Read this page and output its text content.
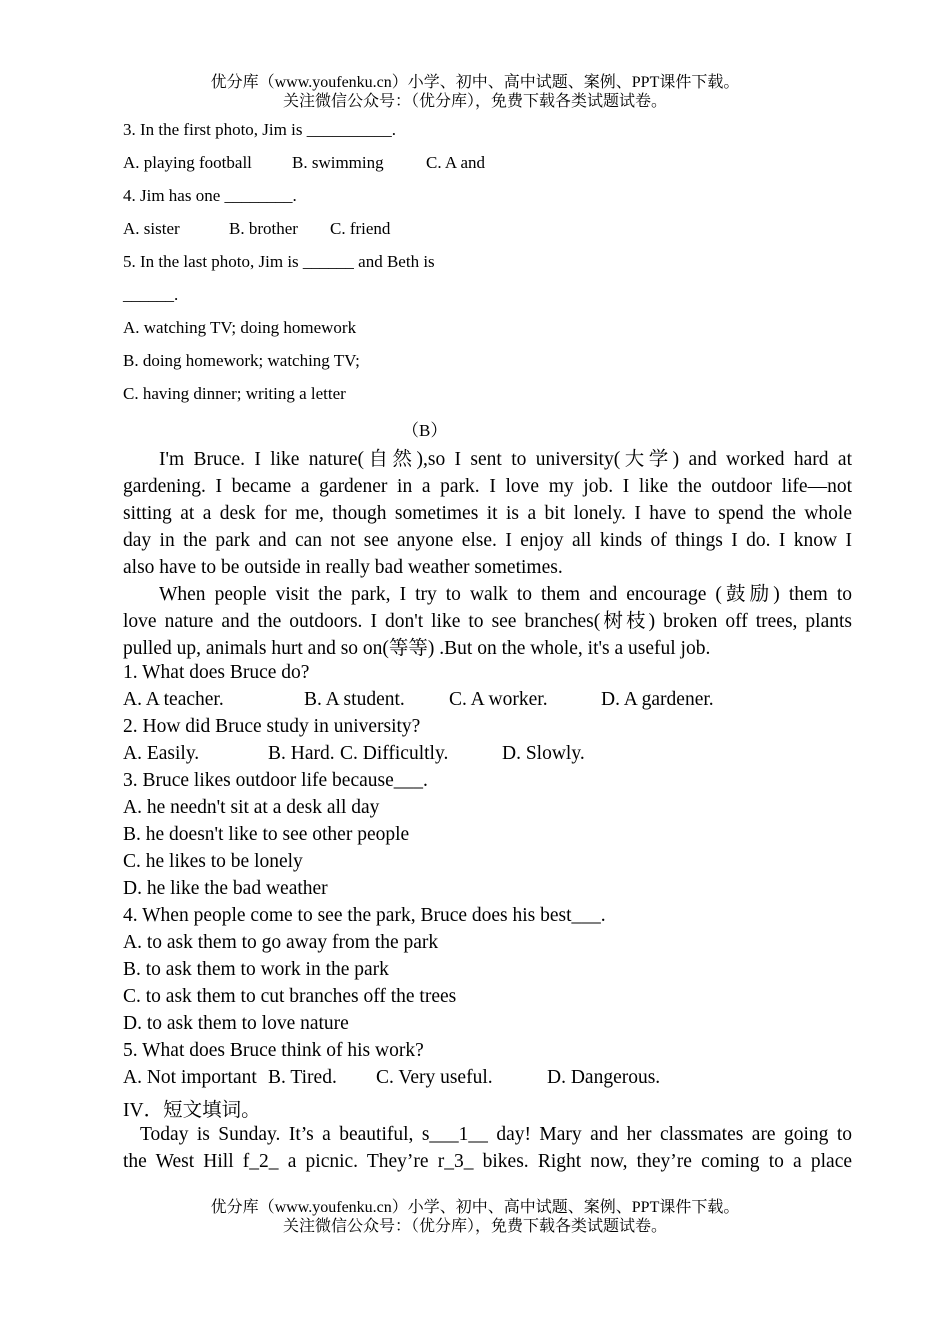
优分库（www.youfenku.cn）小学、初中、高中试题、案例、PPT课件下载。
关注微信公众号：（优分库），免费下载各类试题试卷。
3. In the first photo, Jim is __________.
A. playing football B. swimming C. A and
4. Jim has one ________.
A. sister	B. brother C. friend
5. In the last photo, Jim is ______ and Beth is
______.
A. watching TV; doing homework
B. doing homework; watching TV;
C. having dinner; writing a letter
（B）
I'm Bruce. I like nature(自然),so I sent to university(大学) and worked hard at
gardening. I became a gardener in a park. I love my job. I like the outdoor life—not
sitting at a desk for me, though sometimes it is a bit lonely. I have to spend the whole
day in the park and can not see anyone else. I enjoy all kinds of things I do. I know I
also have to be outside in really bad weather sometimes.
When people visit the park, I try to walk to them and encourage (鼓励) them to
love nature and the outdoors. I don't like to see branches(树枝) broken off trees, plants
pulled up, animals hurt and so on(等等) .But on the whole, it's a useful job.
1. What does Bruce do?
A. A teacher.	B. A student. C. A worker.	D. A gardener.
2. How did Bruce study in university?
A. Easily.	B. Hard. C. Difficultly.	D. Slowly.
3. Bruce likes outdoor life because___.
A. he needn't sit at a desk all day
B. he doesn't like to see other people
C. he likes to be lonely
D. he like the bad weather
4. When people come to see the park, Bruce does his best___.
A. to ask them to go away from the park
B. to ask them to work in the park
C. to ask them to cut branches off the trees
D. to ask them to love nature
5. What does Bruce think of his work?
A. Not important B. Tired. C. Very useful.	D. Dangerous.
IV．短文填词。
Today is Sunday. It’s a beautiful, s___1__ day! Mary and her classmates are going to
the West Hill f_2_ a picnic. They’re r_3_ bikes. Right now, they’re coming to a place
优分库（www.youfenku.cn）小学、初中、高中试题、案例、PPT课件下载。
关注微信公众号：（优分库），免费下载各类试题试卷。
